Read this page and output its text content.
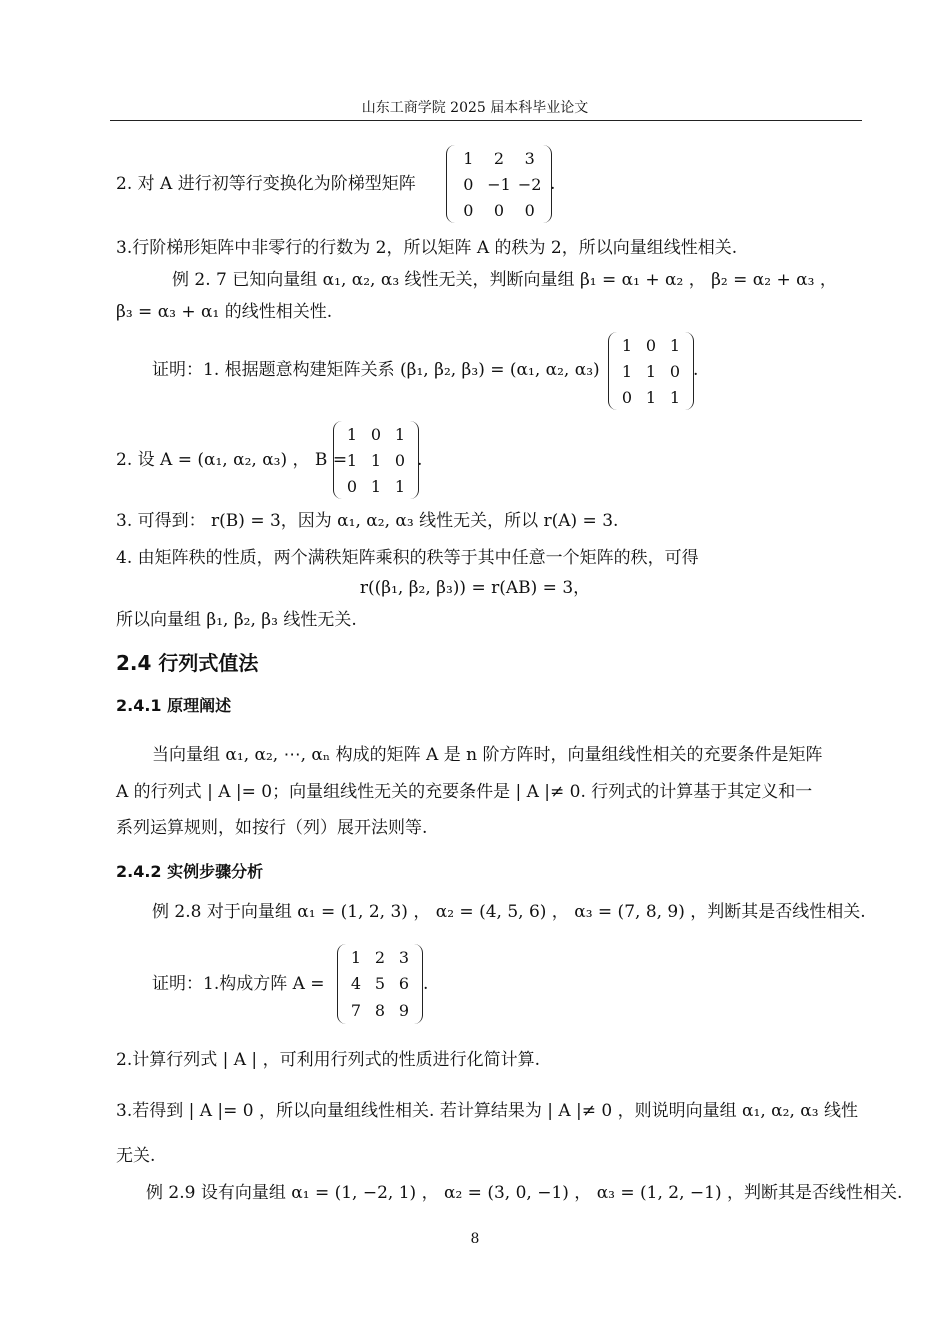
山东工商学院 2025 届本科毕业论文
2. 对 A 进行初等行变换化为阶梯型矩阵
1 2 3
0 −1 −2
0 0 0
.
3.行阶梯形矩阵中非零行的行数为 2，所以矩阵 A 的秩为 2，所以向量组线性相关.
例 2. 7 已知向量组 α₁, α₂, α₃ 线性无关，判断向量组 β₁ = α₁ + α₂ ， β₂ = α₂ + α₃ ，
β₃ = α₃ + α₁ 的线性相关性.
证明：1. 根据题意构建矩阵关系 (β₁, β₂, β₃) = (α₁, α₂, α₃)
1 0 1
1 1 0
0 1 1
.
2. 设 A = (α₁, α₂, α₃) ， B =
1 0 1
1 1 0
0 1 1
.
3. 可得到： r(B) = 3，因为 α₁, α₂, α₃ 线性无关，所以 r(A) = 3.
4. 由矩阵秩的性质，两个满秩矩阵乘积的秩等于其中任意一个矩阵的秩，可得
r((β₁, β₂, β₃)) = r(AB) = 3，
所以向量组 β₁, β₂, β₃ 线性无关.
2.4 行列式值法
2.4.1 原理阐述
当向量组 α₁, α₂, ⋯, αₙ 构成的矩阵 A 是 n 阶方阵时，向量组线性相关的充要条件是矩阵
A 的行列式 | A |= 0；向量组线性无关的充要条件是 | A |≠ 0. 行列式的计算基于其定义和一
系列运算规则，如按行（列）展开法则等.
2.4.2 实例步骤分析
例 2.8 对于向量组 α₁ = (1, 2, 3) ， α₂ = (4, 5, 6) ， α₃ = (7, 8, 9) ，判断其是否线性相关.
证明：1.构成方阵 A =
1 2 3
4 5 6
7 8 9
.
2.计算行列式 | A | ，可利用行列式的性质进行化简计算.
3.若得到 | A |= 0 ，所以向量组线性相关. 若计算结果为 | A |≠ 0 ，则说明向量组 α₁, α₂, α₃ 线性
无关.
例 2.9 设有向量组 α₁ = (1, −2, 1) ， α₂ = (3, 0, −1) ， α₃ = (1, 2, −1) ，判断其是否线性相关.
8
